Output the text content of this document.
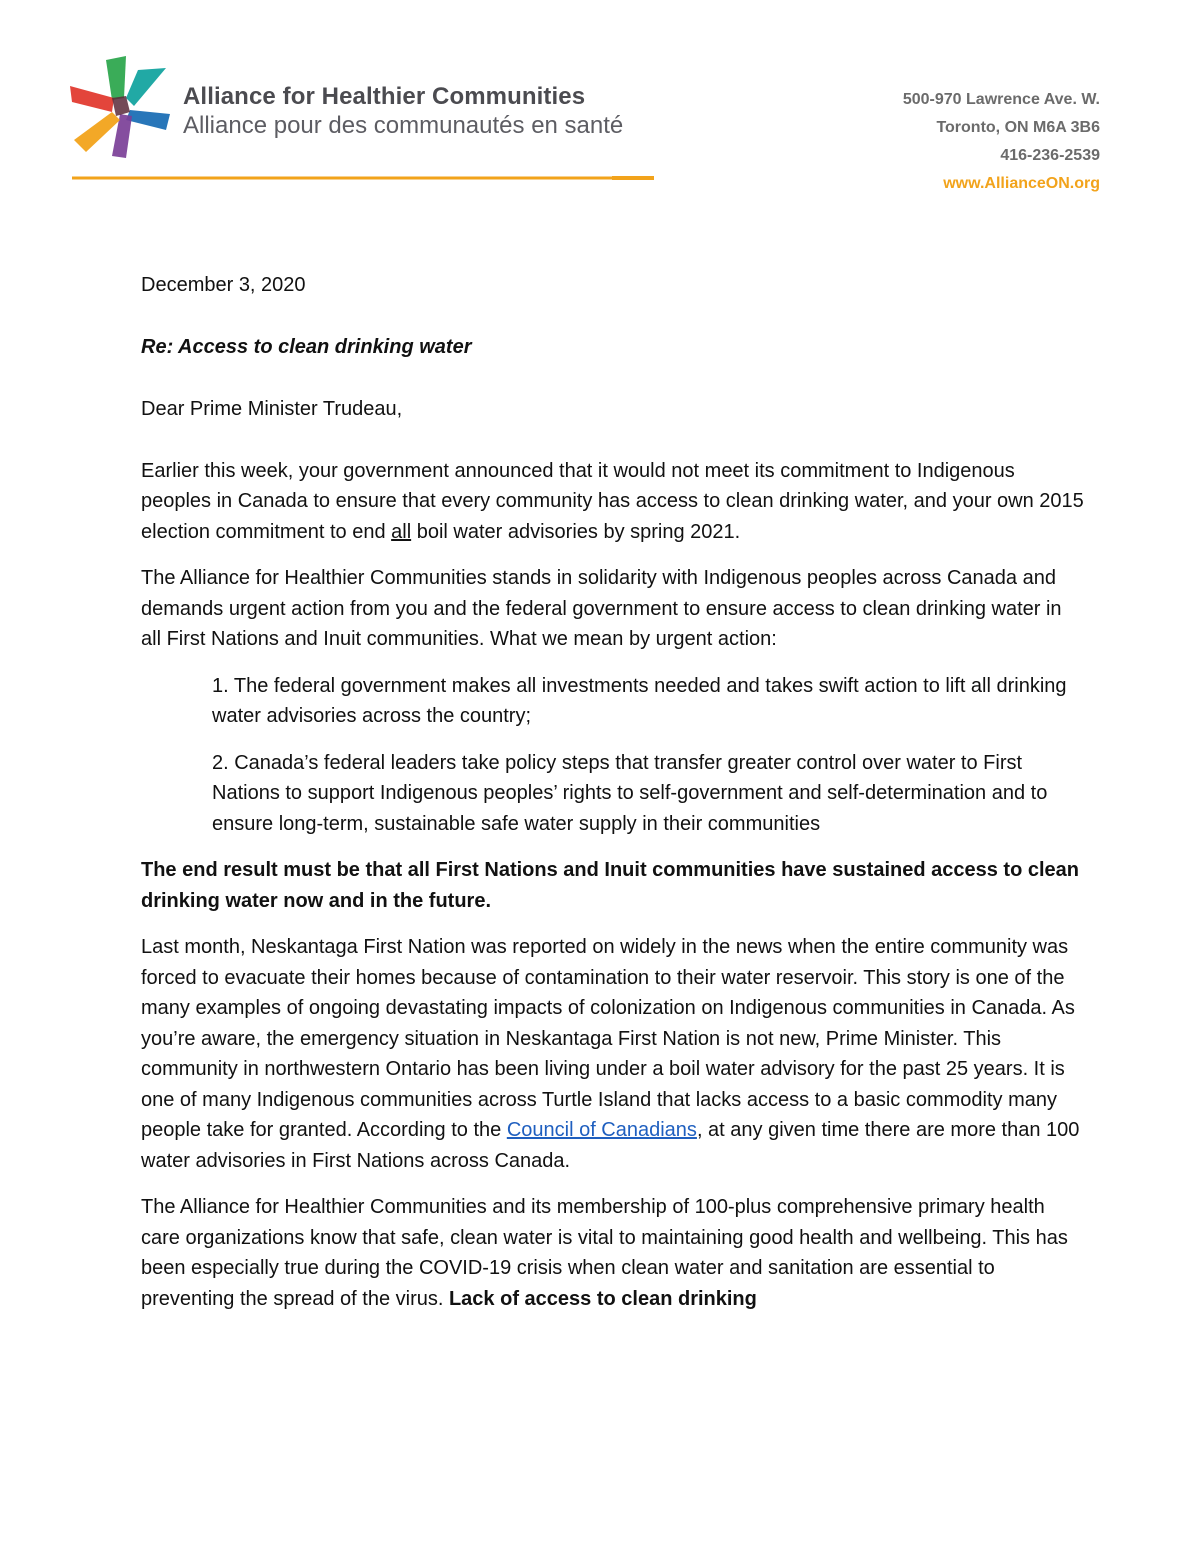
Alliance for Healthier Communities
Alliance pour des communautés en santé
500-970 Lawrence Ave. W.
Toronto, ON M6A 3B6
416-236-2539
www.AllianceON.org

December 3, 2020

Re: Access to clean drinking water

Dear Prime Minister Trudeau,

Earlier this week, your government announced that it would not meet its commitment to Indigenous peoples in Canada to ensure that every community has access to clean drinking water, and your own 2015 election commitment to end all boil water advisories by spring 2021.

The Alliance for Healthier Communities stands in solidarity with Indigenous peoples across Canada and demands urgent action from you and the federal government to ensure access to clean drinking water in all First Nations and Inuit communities. What we mean by urgent action:

1. The federal government makes all investments needed and takes swift action to lift all drinking water advisories across the country;

2. Canada’s federal leaders take policy steps that transfer greater control over water to First Nations to support Indigenous peoples’ rights to self-government and self-determination and to ensure long-term, sustainable safe water supply in their communities

The end result must be that all First Nations and Inuit communities have sustained access to clean drinking water now and in the future.

Last month, Neskantaga First Nation was reported on widely in the news when the entire community was forced to evacuate their homes because of contamination to their water reservoir. This story is one of the many examples of ongoing devastating impacts of colonization on Indigenous communities in Canada. As you’re aware, the emergency situation in Neskantaga First Nation is not new, Prime Minister. This community in northwestern Ontario has been living under a boil water advisory for the past 25 years. It is one of many Indigenous communities across Turtle Island that lacks access to a basic commodity many people take for granted. According to the Council of Canadians, at any given time there are more than 100 water advisories in First Nations across Canada.

The Alliance for Healthier Communities and its membership of 100-plus comprehensive primary health care organizations know that safe, clean water is vital to maintaining good health and wellbeing. This has been especially true during the COVID-19 crisis when clean water and sanitation are essential to preventing the spread of the virus. Lack of access to clean drinking
